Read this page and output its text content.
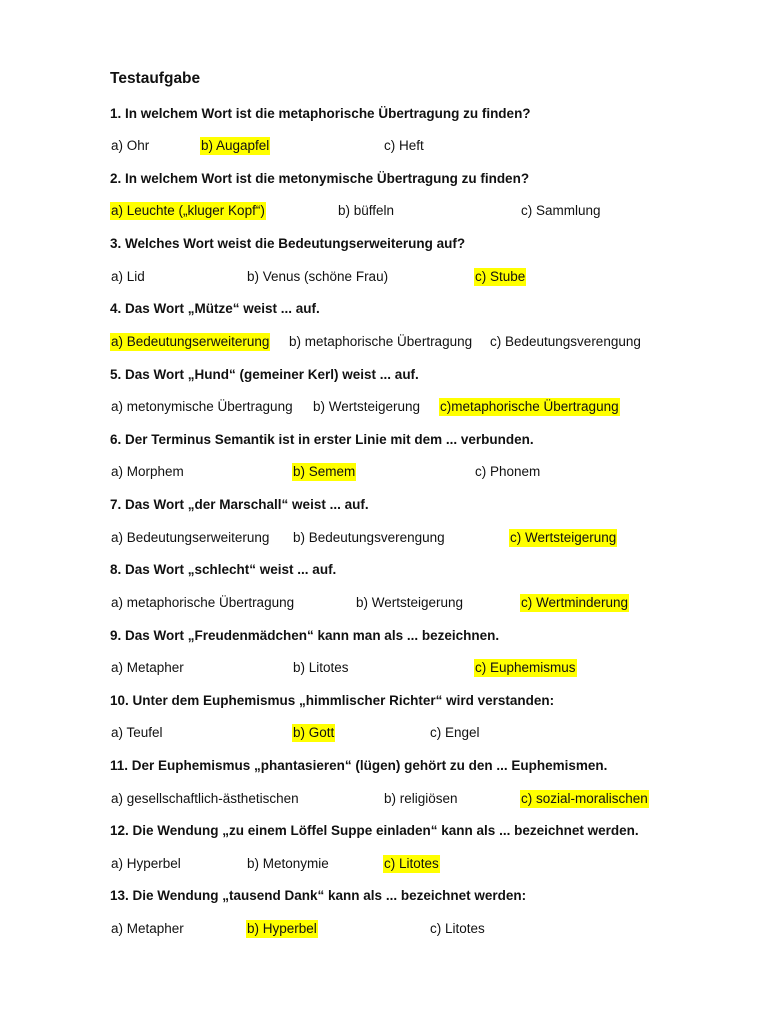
Testaufgabe
1. In welchem Wort ist die metaphorische Übertragung zu finden?
a) Ohr	b) Augapfel	c) Heft
2. In welchem Wort ist die metonymische Übertragung zu finden?
a) Leuchte („kluger Kopf“)	b) büffeln	c) Sammlung
3. Welches Wort weist die Bedeutungserweiterung auf?
a) Lid	b) Venus (schöne Frau)	c) Stube
4. Das Wort „Mütze“ weist ... auf.
a) Bedeutungserweiterung b) metaphorische Übertragung c) Bedeutungsverengung
5. Das Wort „Hund“ (gemeiner Kerl) weist ... auf.
a) metonymische Übertragung b) Wertsteigerung c)metaphorische Übertragung
6. Der Terminus Semantik ist in erster Linie mit dem ... verbunden.
a) Morphem	b) Semem	c) Phonem
7. Das Wort „der Marschall“ weist ... auf.
a) Bedeutungserweiterung b) Bedeutungsverengung	c) Wertsteigerung
8. Das Wort „schlecht“ weist ... auf.
a) metaphorische Übertragung	b) Wertsteigerung	c) Wertminderung
9. Das Wort „Freudenmädchen“ kann man als ... bezeichnen.
a) Metapher	b) Litotes	c) Euphemismus
10. Unter dem Euphemismus „himmlischer Richter“ wird verstanden:
a) Teufel	b) Gott	c) Engel
11. Der Euphemismus „phantasieren“ (lügen) gehört zu den ... Euphemismen.
a) gesellschaftlich-ästhetischen	b) religiösen	c) sozial-moralischen
12. Die Wendung „zu einem Löffel Suppe einladen“ kann als ... bezeichnet werden.
a) Hyperbel	b) Metonymie	c) Litotes
13. Die Wendung „tausend Dank“ kann als ... bezeichnet werden:
a) Metapher	b) Hyperbel	c) Litotes
